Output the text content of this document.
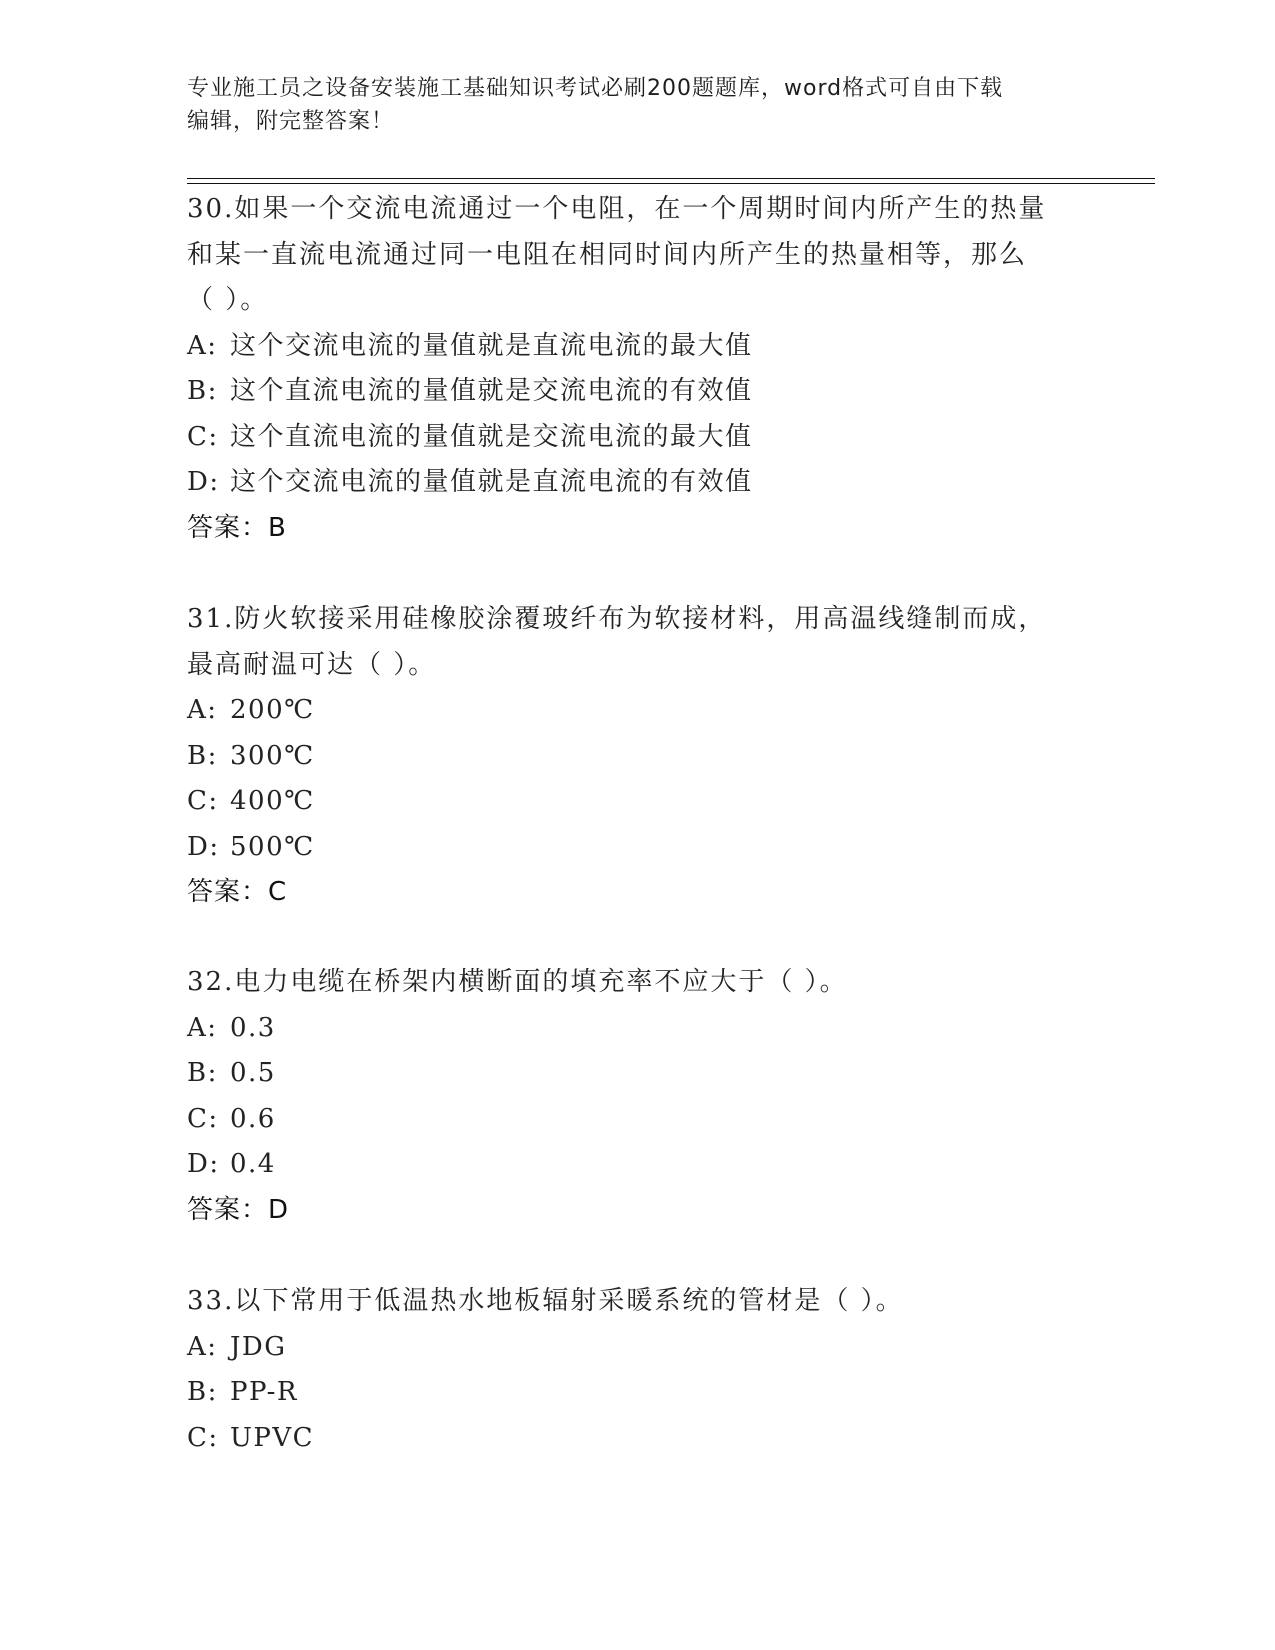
专业施工员之设备安装施工基础知识考试必刷200题题库，word格式可自由下载
编辑，附完整答案！

30.如果一个交流电流通过一个电阻，在一个周期时间内所产生的热量

和某一直流电流通过同一电阻在相同时间内所产生的热量相等，那么

（ ）。

A: 这个交流电流的量值就是直流电流的最大值

B: 这个直流电流的量值就是交流电流的有效值

C: 这个直流电流的量值就是交流电流的最大值

D: 这个交流电流的量值就是直流电流的有效值

答案：B

31.防火软接采用硅橡胶涂覆玻纤布为软接材料，用高温线缝制而成，

最高耐温可达（ ）。

A: 200℃

B: 300℃

C: 400℃

D: 500℃

答案：C

32.电力电缆在桥架内横断面的填充率不应大于（ ）。

A: 0.3

B: 0.5

C: 0.6

D: 0.4

答案：D

33.以下常用于低温热水地板辐射采暖系统的管材是（ ）。

A: JDG

B: PP-R

C: UPVC
